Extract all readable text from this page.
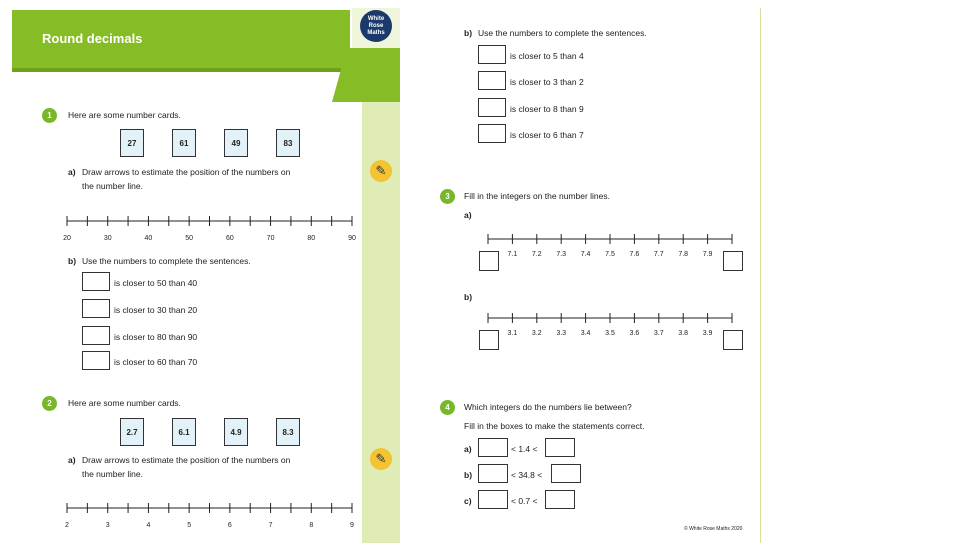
Round decimals
White
Rose
Maths
✎
✎
1	Here are some number cards.
27	61	49	83
a) Draw arrows to estimate the position of the numbers on
the number line.
20	30	40	50	60	70	80	90
b) Use the numbers to complete the sentences.
is closer to 50 than 40
is closer to 30 than 20
is closer to 80 than 90
is closer to 60 than 70
2	Here are some number cards.
2.7	6.1	4.9	8.3
a) Draw arrows to estimate the position of the numbers on
the number line.
2	3	4	5	6	7	8	9
b) Use the numbers to complete the sentences.
is closer to 5 than 4
is closer to 3 than 2
is closer to 8 than 9
is closer to 6 than 7
3	Fill in the integers on the number lines.
a)
7.1 7.2 7.3 7.4 7.5 7.6 7.7 7.8 7.9
b)
3.1 3.2 3.3 3.4 3.5 3.6 3.7 3.8 3.9
4	Which integers do the numbers lie between?
Fill in the boxes to make the statements correct.
a)	< 1.4 <
b)	< 34.8 <
c)	< 0.7 <
© White Rose Maths 2020
